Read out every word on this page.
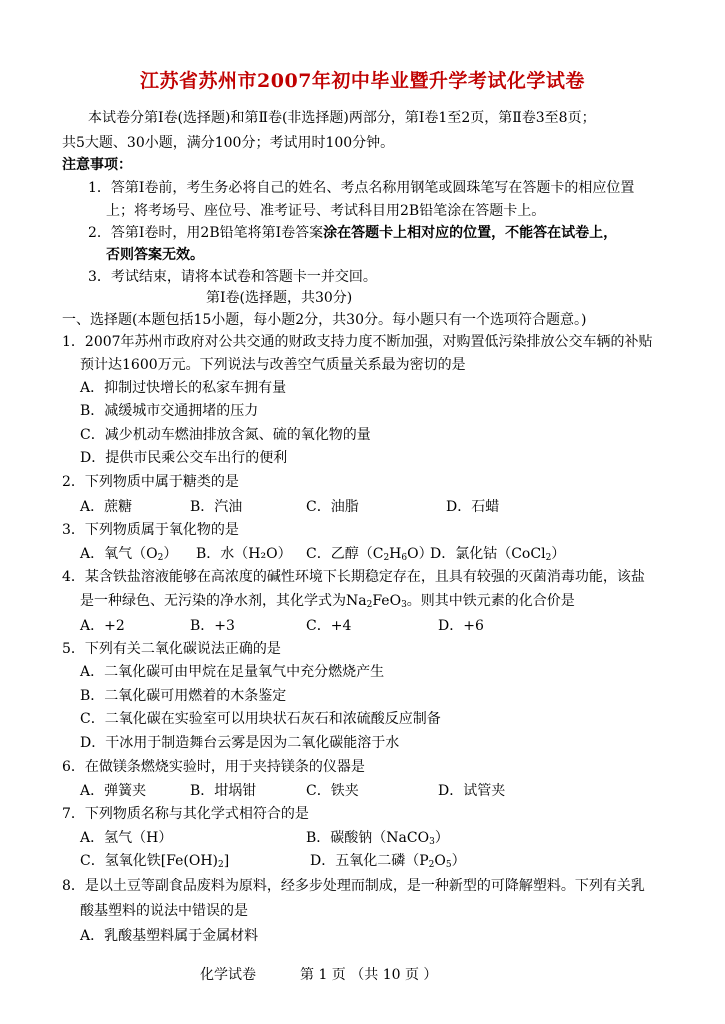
江苏省苏州市2007年初中毕业暨升学考试化学试卷
本试卷分第Ⅰ卷(选择题)和第Ⅱ卷(非选择题)两部分，第Ⅰ卷1至2页，第Ⅱ卷3至8页；
共5大题、30小题，满分100分；考试用时100分钟。
注意事项：
1．答第Ⅰ卷前，考生务必将自己的姓名、考点名称用钢笔或圆珠笔写在答题卡的相应位置
上；将考场号、座位号、准考证号、考试科目用2B铅笔涂在答题卡上。
2．答第Ⅰ卷时，用2B铅笔将第Ⅰ卷答案涂在答题卡上相对应的位置，不能答在试卷上，
否则答案无效。
3．考试结束，请将本试卷和答题卡一并交回。
第Ⅰ卷(选择题，共30分)
一、选择题(本题包括15小题，每小题2分，共30分。每小题只有一个选项符合题意。)
1．2007年苏州市政府对公共交通的财政支持力度不断加强，对购置低污染排放公交车辆的补贴
预计达1600万元。下列说法与改善空气质量关系最为密切的是
A．抑制过快增长的私家车拥有量
B．减缓城市交通拥堵的压力
C．减少机动车燃油排放含氮、硫的氧化物的量
D．提供市民乘公交车出行的便利
2．下列物质中属于糖类的是
A．蔗糖	B．汽油	C．油脂	D．石蜡
3．下列物质属于氧化物的是
A．氧气$(O_2)$ B．水（H₂O） C．乙醇$(C_2H_6O)$
D．氯化钴（CoCl$_2$）
4．某含铁盐溶液能够在高浓度的碱性环境下长期稳定存在，且具有较强的灭菌消毒功能，该盐
是一种绿色、无污染的净水剂，其化学式为$Na_2FeO_3$。则其中铁元素的化合价是
A．+2	B．+3	C．+4	D．+6
5．下列有关二氧化碳说法正确的是
A．二氧化碳可由甲烷在足量氧气中充分燃烧产生
B．二氧化碳可用燃着的木条鉴定
C．二氧化碳在实验室可以用块状石灰石和浓硫酸反应制备
D．干冰用于制造舞台云雾是因为二氧化碳能溶于水
6．在做镁条燃烧实验时，用于夹持镁条的仪器是
A．弹簧夹	B．坩埚钳	C．铁夹	D．试管夹
7．下列物质名称与其化学式相符合的是
A．氢气（H）	B．碳酸钠（NaCO$_3$）
C．氢氧化铁$[Fe(OH)_2]$	D．五氧化二磷$(P_2O_5)$
8．是以土豆等副食品废料为原料，经多步处理而制成，是一种新型的可降解塑料。下列有关乳
酸基塑料的说法中错误的是
A．乳酸基塑料属于金属材料
化学试卷	第 1 页 （共 10 页 ）
